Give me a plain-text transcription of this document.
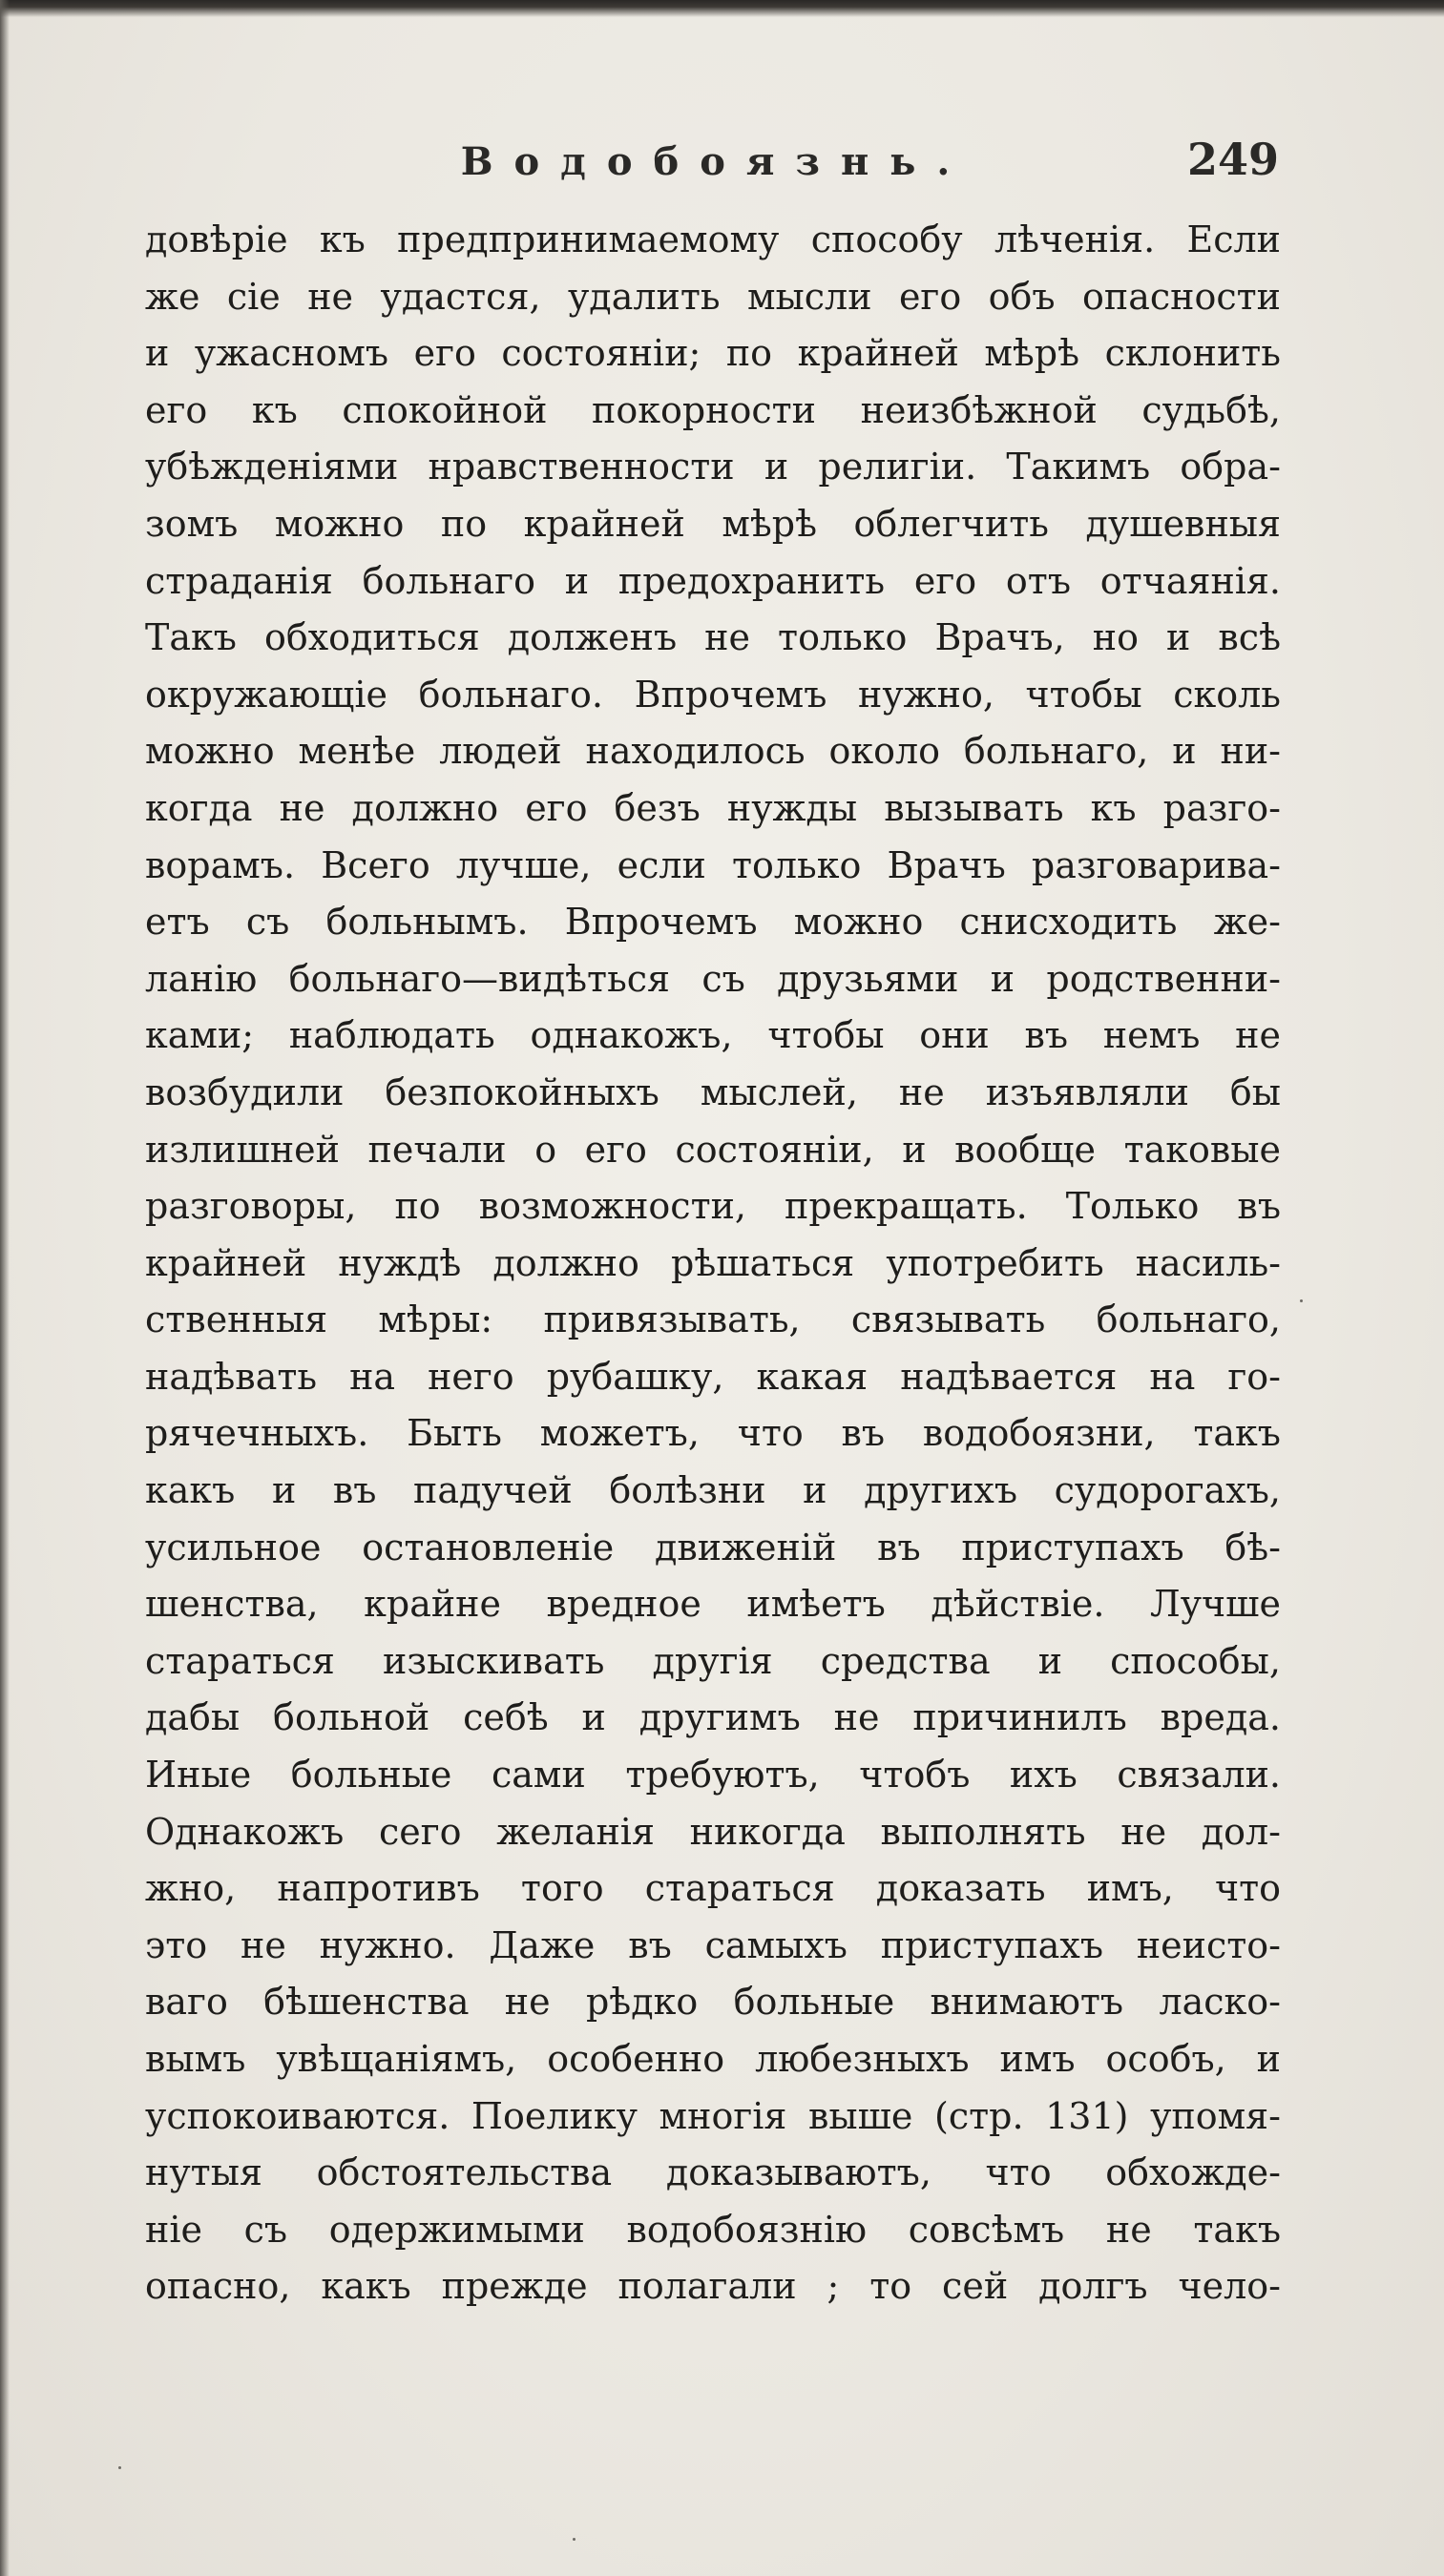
Водобоязнь.	249
довѣріе къ предпринимаемому способу лѣченія. Если
же сіе не удастся, удалить мысли его объ опасности
и ужасномъ его состояніи; по крайней мѣрѣ склонить
его къ спокойной покорности неизбѣжной судьбѣ,
убѣжденіями нравственности и религіи. Такимъ обра-
зомъ можно по крайней мѣрѣ облегчить душевныя
страданія больнаго и предохранить его отъ отчаянія.
Такъ обходиться долженъ не только Врачъ, но и всѣ
окружающіе больнаго. Впрочемъ нужно, чтобы сколь
можно менѣе людей находилось около больнаго, и ни-
когда не должно его безъ нужды вызывать къ разго-
ворамъ. Всего лучше, если только Врачъ разговарива-
етъ съ больнымъ. Впрочемъ можно снисходить же-
ланію больнаго—видѣться съ друзьями и родственни-
ками; наблюдать однакожъ, чтобы они въ немъ не
возбудили безпокойныхъ мыслей, не изъявляли бы
излишней печали о его состояніи, и вообще таковые
разговоры, по возможности, прекращать. Только въ
крайней нуждѣ должно рѣшаться употребить насиль-
ственныя мѣры: привязывать, связывать больнаго,
надѣвать на него рубашку, какая надѣвается на го-
рячечныхъ. Быть можетъ, что въ водобоязни, такъ
какъ и въ падучей болѣзни и другихъ судорогахъ,
усильное остановленіе движеній въ приступахъ бѣ-
шенства, крайне вредное имѣетъ дѣйствіе. Лучше
стараться изыскивать другія средства и способы,
дабы больной себѣ и другимъ не причинилъ вреда.
Иные больные сами требуютъ, чтобъ ихъ связали.
Однакожъ сего желанія никогда выполнять не дол-
жно, напротивъ того стараться доказать имъ, что
это не нужно. Даже въ самыхъ приступахъ неисто-
ваго бѣшенства не рѣдко больные внимаютъ ласко-
вымъ увѣщаніямъ, особенно любезныхъ имъ особъ, и
успокоиваются. Поелику многія выше (стр. 131) упомя-
нутыя обстоятельства доказываютъ, что обхожде-
ніе съ одержимыми водобоязнію совсѣмъ не такъ
опасно, какъ прежде полагали ; то сей долгъ чело-
